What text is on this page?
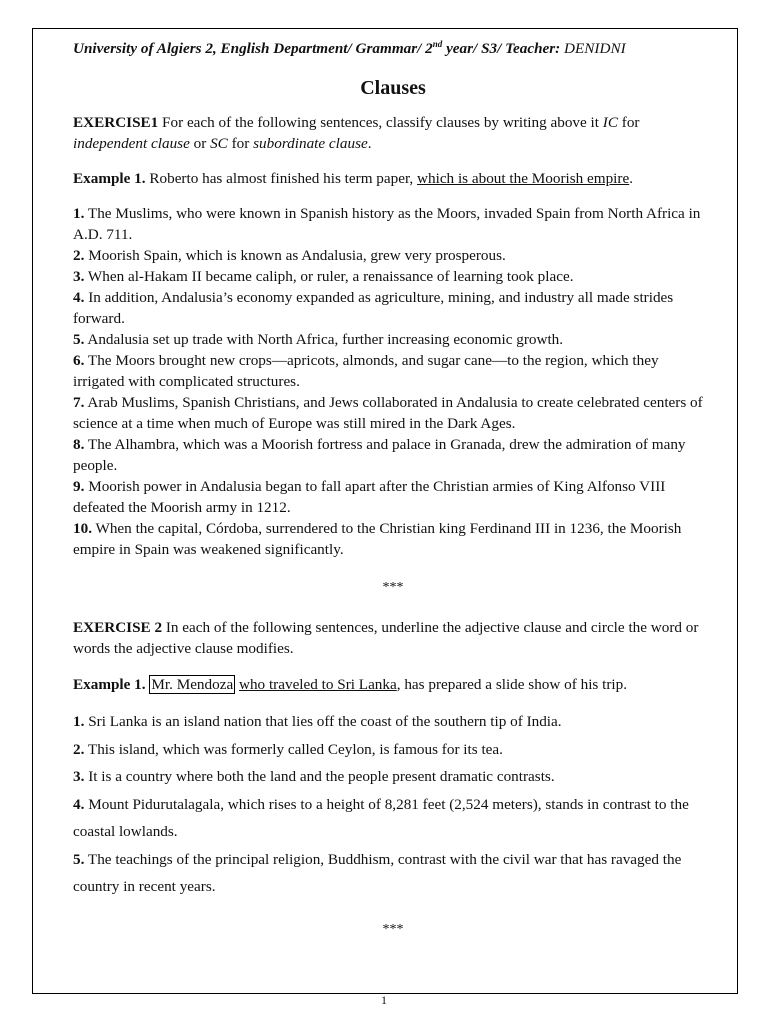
University of Algiers 2, English Department/ Grammar/ 2nd year/ S3/ Teacher: DENIDNI

Clauses

EXERCISE1 For each of the following sentences, classify clauses by writing above it IC for independent clause or SC for subordinate clause.

Example 1. Roberto has almost finished his term paper, which is about the Moorish empire.

1. The Muslims, who were known in Spanish history as the Moors, invaded Spain from North Africa in A.D. 711.

2. Moorish Spain, which is known as Andalusia, grew very prosperous.

3. When al-Hakam II became caliph, or ruler, a renaissance of learning took place.

4. In addition, Andalusia’s economy expanded as agriculture, mining, and industry all made strides forward.

5. Andalusia set up trade with North Africa, further increasing economic growth.

6. The Moors brought new crops—apricots, almonds, and sugar cane—to the region, which they irrigated with complicated structures.

7. Arab Muslims, Spanish Christians, and Jews collaborated in Andalusia to create celebrated centers of science at a time when much of Europe was still mired in the Dark Ages.

8. The Alhambra, which was a Moorish fortress and palace in Granada, drew the admiration of many people.

9. Moorish power in Andalusia began to fall apart after the Christian armies of King Alfonso VIII defeated the Moorish army in 1212.

10. When the capital, Córdoba, surrendered to the Christian king Ferdinand III in 1236, the Moorish empire in Spain was weakened significantly.

***

EXERCISE 2 In each of the following sentences, underline the adjective clause and circle the word or words the adjective clause modifies.

Example 1. Mr. Mendoza who traveled to Sri Lanka, has prepared a slide show of his trip.

1. Sri Lanka is an island nation that lies off the coast of the southern tip of India.

2. This island, which was formerly called Ceylon, is famous for its tea.

3. It is a country where both the land and the people present dramatic contrasts.

4. Mount Pidurutalagala, which rises to a height of 8,281 feet (2,524 meters), stands in contrast to the coastal lowlands.

5. The teachings of the principal religion, Buddhism, contrast with the civil war that has ravaged the country in recent years.

***

1
